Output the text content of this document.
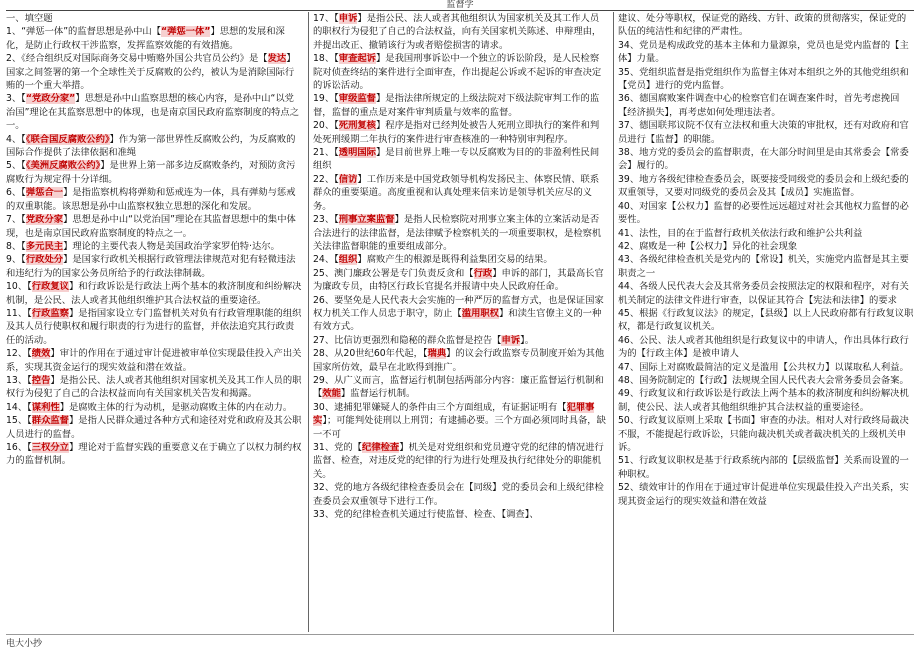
监督学

一、填空题

1、“弹惩一体”的监督思想是孙中山【“弹惩一体”】思想的发展和深化，是防止行政权干涉监察，发挥监察效能的有效措施。

2、《经合组织反对国际商务交易中贿赂外国公共官员公约》是【发达】国家之间签署的第一个全球性关于反腐败的公约，被认为是消除国际行贿的一个重大举措。

3、【“党政分家”】思想是孙中山监察思想的核心内容，是孙中山“以党治国”理论在其监察思想中的体现，也是南京国民政府监察制度的特点之一。

4、【《联合国反腐败公约》】作为第一部世界性反腐败公约，为反腐败的国际合作提供了法律依据和准绳

5、【《美洲反腐败公约》】是世界上第一部多边反腐败条约，对预防贪污腐败行为规定得十分详细。

6、【弹惩合一】是指监察机构将弹劾和惩戒连为一体，具有弹劾与惩戒的双重职能。该思想是孙中山监察权独立思想的深化和发展。

7、【党政分家】思想是孙中山“以党治国”理论在其监督思想中的集中体现，也是南京国民政府监察制度的特点之一。

8、【多元民主】理论的主要代表人物是美国政治学家罗伯特·达尔。

9、【行政处分】是国家行政机关根据行政管理法律规范对犯有轻微违法和违纪行为的国家公务员所给予的行政法律制裁。

10、【行政复议】和行政诉讼是行政法上两个基本的救济制度和纠纷解决机制，是公民、法人或者其他组织维护其合法权益的重要途径。

11、【行政监察】是指国家设立专门监督机关对负有行政管理职能的组织及其人员行使职权和履行职责的行为进行的监督，并依法追究其行政责任的活动。

12、【绩效】审计的作用在于通过审计促进被审单位实现最佳投入产出关系，实现其资金运行的现实效益和潜在效益。

13、【控告】是指公民、法人或者其他组织对国家机关及其工作人员的职权行为侵犯了自己的合法权益而向有关国家机关告发和揭露。

14、【谋利性】是腐败主体的行为动机，是驱动腐败主体的内在动力。

15、【群众监督】是指人民群众通过各种方式和途径对党和政府及其公职人员进行的监督。

16、【三权分立】理论对于监督实践的重要意义在于确立了以权力制约权力的监督机制。

17、【申诉】是指公民、法人或者其他组织认为国家机关及其工作人员的职权行为侵犯了自己的合法权益，向有关国家机关陈述、申辩理由，并提出改正、撤销该行为或者赔偿损害的请求。

18、【审查起诉】是我国刑事诉讼中一个独立的诉讼阶段，是人民检察院对侦查终结的案件进行全面审查，作出提起公诉或不起诉的审查决定的诉讼活动。

19、【审级监督】是指法律所规定的上级法院对下级法院审判工作的监督，监督的重点是对案件审判质量与效率的监督。

20、【死刑复核】程序是指对已经判处被告人死刑立即执行的案件和判处死刑缓期二年执行的案件进行审查核准的一种特别审判程序。

21、【透明国际】是目前世界上唯一专以反腐败为目的的非盈利性民间组织

22、【信访】工作历来是中国党政领导机构发扬民主、体察民情、联系群众的重要渠道。高度重视和认真处理来信来访是领导机关应尽的义务。

23、【刑事立案监督】是指人民检察院对刑事立案主体的立案活动是否合法进行的法律监督，是法律赋予检察机关的一项重要职权，是检察机关法律监督职能的重要组成部分。

24、【组织】腐败产生的根源是既得利益集团交易的结果。

25、澳门廉政公署是专门负责反贪和【行政】申诉的部门，其最高长官为廉政专员，由特区行政长官提名并报请中央人民政府任命。

26、要坚免是人民代表大会实施的一种严厉的监督方式，也是保证国家权力机关工作人员忠于职守，防止【滥用职权】和渎生官僚主义的一种有效方式。

27、比信访更强烈和隐秘的群众监督是控告【申诉】。

28、从20世纪60年代起，【瑞典】的议会行政监察专员制度开始为其他国家所仿效，最早在北欧得到推广。

29、从广义而言，监督运行机制包括两部分内容：廉正监督运行机制和【效能】监督运行机制。

30、逮捕犯罪嫌疑人的条件由三个方面组成，有证据证明有【犯罪事实】；可能判处徒刑以上刑罚；有逮捕必要。三个方面必须同时具备，缺一不可

31、党的【纪律检查】机关是对党组织和党员遵守党的纪律的情况进行监督、检查，对违反党的纪律的行为进行处理及执行纪律处分的职能机关。

32、党的地方各级纪律检查委员会在【同级】党的委员会和上级纪律检查委员会双重领导下进行工作。

33、党的纪律检查机关通过行使监督、检查、【调查】、

建议、处分等职权，保证党的路线、方针、政策的贯彻落实，保证党的队伍的纯洁性和纪律的严肃性。

34、党员是构成政党的基本主体和力量源泉，党员也是党内监督的【主体】力量。

35、党组织监督是指党组织作为监督主体对本组织之外的其他党组织和【党员】进行的党内监督。

36、德国腐败案件调查中心的检察官们在调查案件时，首先考虑挽回【经济损失】，再考虑如何处理违法者。

37、德国联邦议院不仅有立法权和重大决策的审批权，还有对政府和官员进行【监督】的职能。

38、地方党的委员会的监督职责，在大部分时间里是由其常委会【常委会】履行的。

39、地方各级纪律检查委员会，既要接受同级党的委员会和上级纪委的双重领导，又要对同级党的委员会及其【成员】实施监督。

40、对国家【公权力】监督的必要性远远超过对社会其他权力监督的必要性。

41、法性，目的在于监督行政机关依法行政和维护公共利益

42、腐败是一种【公权力】异化的社会现象

43、各级纪律检查机关是党内的【常设】机关，实施党内监督是其主要职责之一

44、各级人民代表大会及其常务委员会按照法定的权限和程序，对有关机关制定的法律文件进行审查，以保证其符合【宪法和法律】的要求

45、根据《行政复议法》的规定，【县级】以上人民政府都有行政复议职权，都是行政复议机关。

46、公民、法人或者其他组织是行政复议中的申请人，作出具体行政行为的【行政主体】是被申请人

47、国际上对腐败最简洁的定义是滥用【公共权力】以谋取私人利益。

48、国务院制定的【行政】法规规全国人民代表大会常务委员会备案。

49、行政复议和行政诉讼是行政法上两个基本的救济制度和纠纷解决机制，使公民、法人或者其他组织维护其合法权益的重要途径。

50、行政复议原则上采取【书面】审查的办法。相对人对行政终局裁决不服，不能提起行政诉讼，只能向裁决机关或者裁决机关的上级机关申诉。

51、行政复议职权是基于行政系统内部的【层级监督】关系而设置的一种职权。

52、绩效审计的作用在于通过审计促进单位实现最佳投入产出关系，实现其资金运行的现实效益和潜在效益

电大小抄
